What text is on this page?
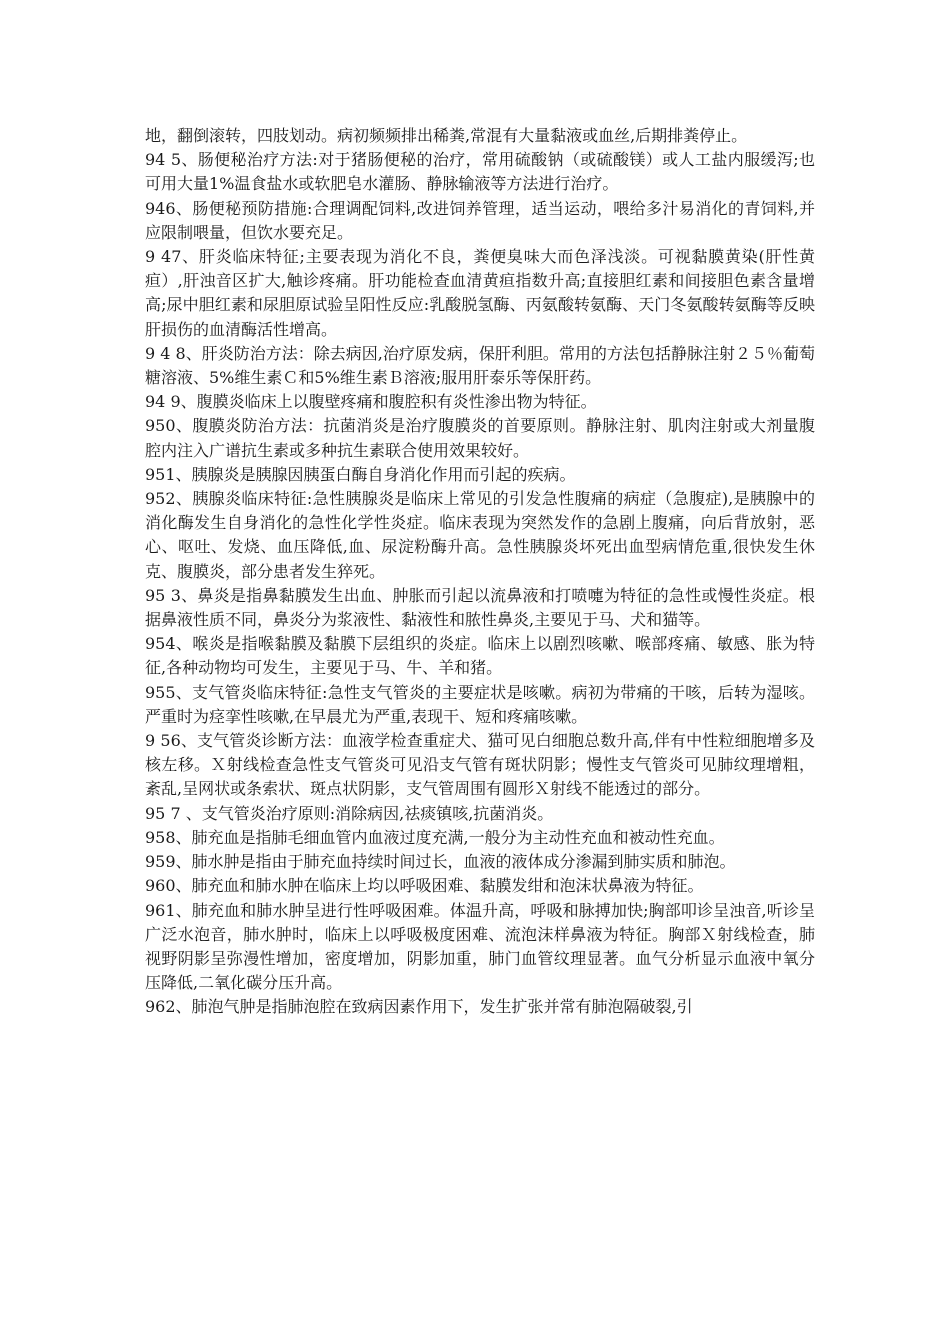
地，翻倒滚转，四肢划动。病初频频排出稀粪,常混有大量黏液或血丝,后期排粪停止。

94 5、肠便秘治疗方法:对于猪肠便秘的治疗，常用硫酸钠（或硫酸镁）或人工盐内服缓泻;也可用大量1%温食盐水或软肥皂水灌肠、静脉输液等方法进行治疗。

946、肠便秘预防措施:合理调配饲料,改进饲养管理，适当运动，喂给多汁易消化的青饲料,并应限制喂量，但饮水要充足。

9 47、肝炎临床特征;主要表现为消化不良，粪便臭味大而色泽浅淡。可视黏膜黄染(肝性黄疸）,肝浊音区扩大,触诊疼痛。肝功能检查血清黄疸指数升高;直接胆红素和间接胆色素含量增高;尿中胆红素和尿胆原试验呈阳性反应:乳酸脱氢酶、丙氨酸转氨酶、天门冬氨酸转氨酶等反映肝损伤的血清酶活性增高。

9 4 8、肝炎防治方法：除去病因,治疗原发病，保肝利胆。常用的方法包括静脉注射２５％葡萄糖溶液、5%维生素Ｃ和5%维生素Ｂ溶液;服用肝泰乐等保肝药。

94 9、腹膜炎临床上以腹壁疼痛和腹腔积有炎性渗出物为特征。

950、腹膜炎防治方法：抗菌消炎是治疗腹膜炎的首要原则。静脉注射、肌肉注射或大剂量腹腔内注入广谱抗生素或多种抗生素联合使用效果较好。

951、胰腺炎是胰腺因胰蛋白酶自身消化作用而引起的疾病。

952、胰腺炎临床特征:急性胰腺炎是临床上常见的引发急性腹痛的病症（急腹症),是胰腺中的消化酶发生自身消化的急性化学性炎症。临床表现为突然发作的急剧上腹痛，向后背放射，恶心、呕吐、发烧、血压降低,血、尿淀粉酶升高。急性胰腺炎坏死出血型病情危重,很快发生休克、腹膜炎，部分患者发生猝死。

95 3、鼻炎是指鼻黏膜发生出血、肿胀而引起以流鼻液和打喷嚏为特征的急性或慢性炎症。根据鼻液性质不同，鼻炎分为浆液性、黏液性和脓性鼻炎,主要见于马、犬和猫等。

954、喉炎是指喉黏膜及黏膜下层组织的炎症。临床上以剧烈咳嗽、喉部疼痛、敏感、胀为特征,各种动物均可发生，主要见于马、牛、羊和猪。

955、支气管炎临床特征:急性支气管炎的主要症状是咳嗽。病初为带痛的干咳，后转为湿咳。严重时为痉挛性咳嗽,在早晨尤为严重,表现干、短和疼痛咳嗽。

9 56、支气管炎诊断方法：血液学检查重症犬、猫可见白细胞总数升高,伴有中性粒细胞增多及核左移。Ｘ射线检查急性支气管炎可见沿支气管有斑状阴影；慢性支气管炎可见肺纹理增粗，紊乱,呈网状或条索状、斑点状阴影，支气管周围有圆形Ｘ射线不能透过的部分。

95 7 、支气管炎治疗原则:消除病因,祛痰镇咳,抗菌消炎。

958、肺充血是指肺毛细血管内血液过度充满,一般分为主动性充血和被动性充血。

959、肺水肿是指由于肺充血持续时间过长，血液的液体成分渗漏到肺实质和肺泡。

960、肺充血和肺水肿在临床上均以呼吸困难、黏膜发绀和泡沫状鼻液为特征。

961、肺充血和肺水肿呈进行性呼吸困难。体温升高，呼吸和脉搏加快;胸部叩诊呈浊音,听诊呈广泛水泡音，肺水肿时，临床上以呼吸极度困难、流泡沫样鼻液为特征。胸部Ｘ射线检查，肺视野阴影呈弥漫性增加，密度增加，阴影加重，肺门血管纹理显著。血气分析显示血液中氧分压降低,二氧化碳分压升高。

962、肺泡气肿是指肺泡腔在致病因素作用下，发生扩张并常有肺泡隔破裂,引
